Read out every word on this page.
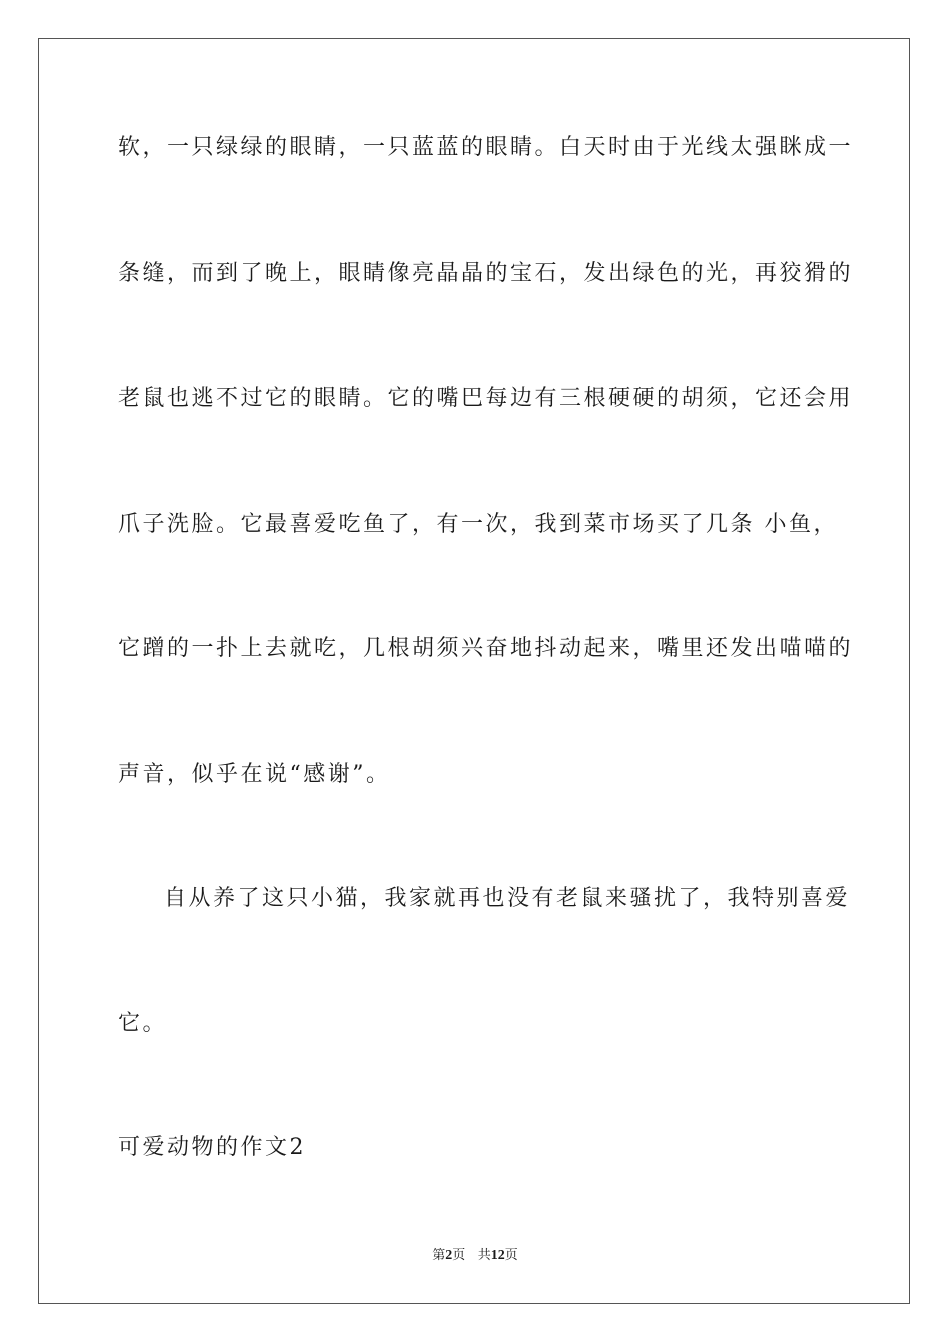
软，一只绿绿的眼睛，一只蓝蓝的眼睛。白天时由于光线太强眯成一
条缝，而到了晚上，眼睛像亮晶晶的宝石，发出绿色的光，再狡猾的
老鼠也逃不过它的眼睛。它的嘴巴每边有三根硬硬的胡须，它还会用
爪子洗脸。它最喜爱吃鱼了，有一次，我到菜市场买了几条 小鱼，
它蹭的一扑上去就吃，几根胡须兴奋地抖动起来，嘴里还发出喵喵的
声音，似乎在说“感谢”。
自从养了这只小猫，我家就再也没有老鼠来骚扰了，我特别喜爱
它。
可爱动物的作文2
第2页 共12页
